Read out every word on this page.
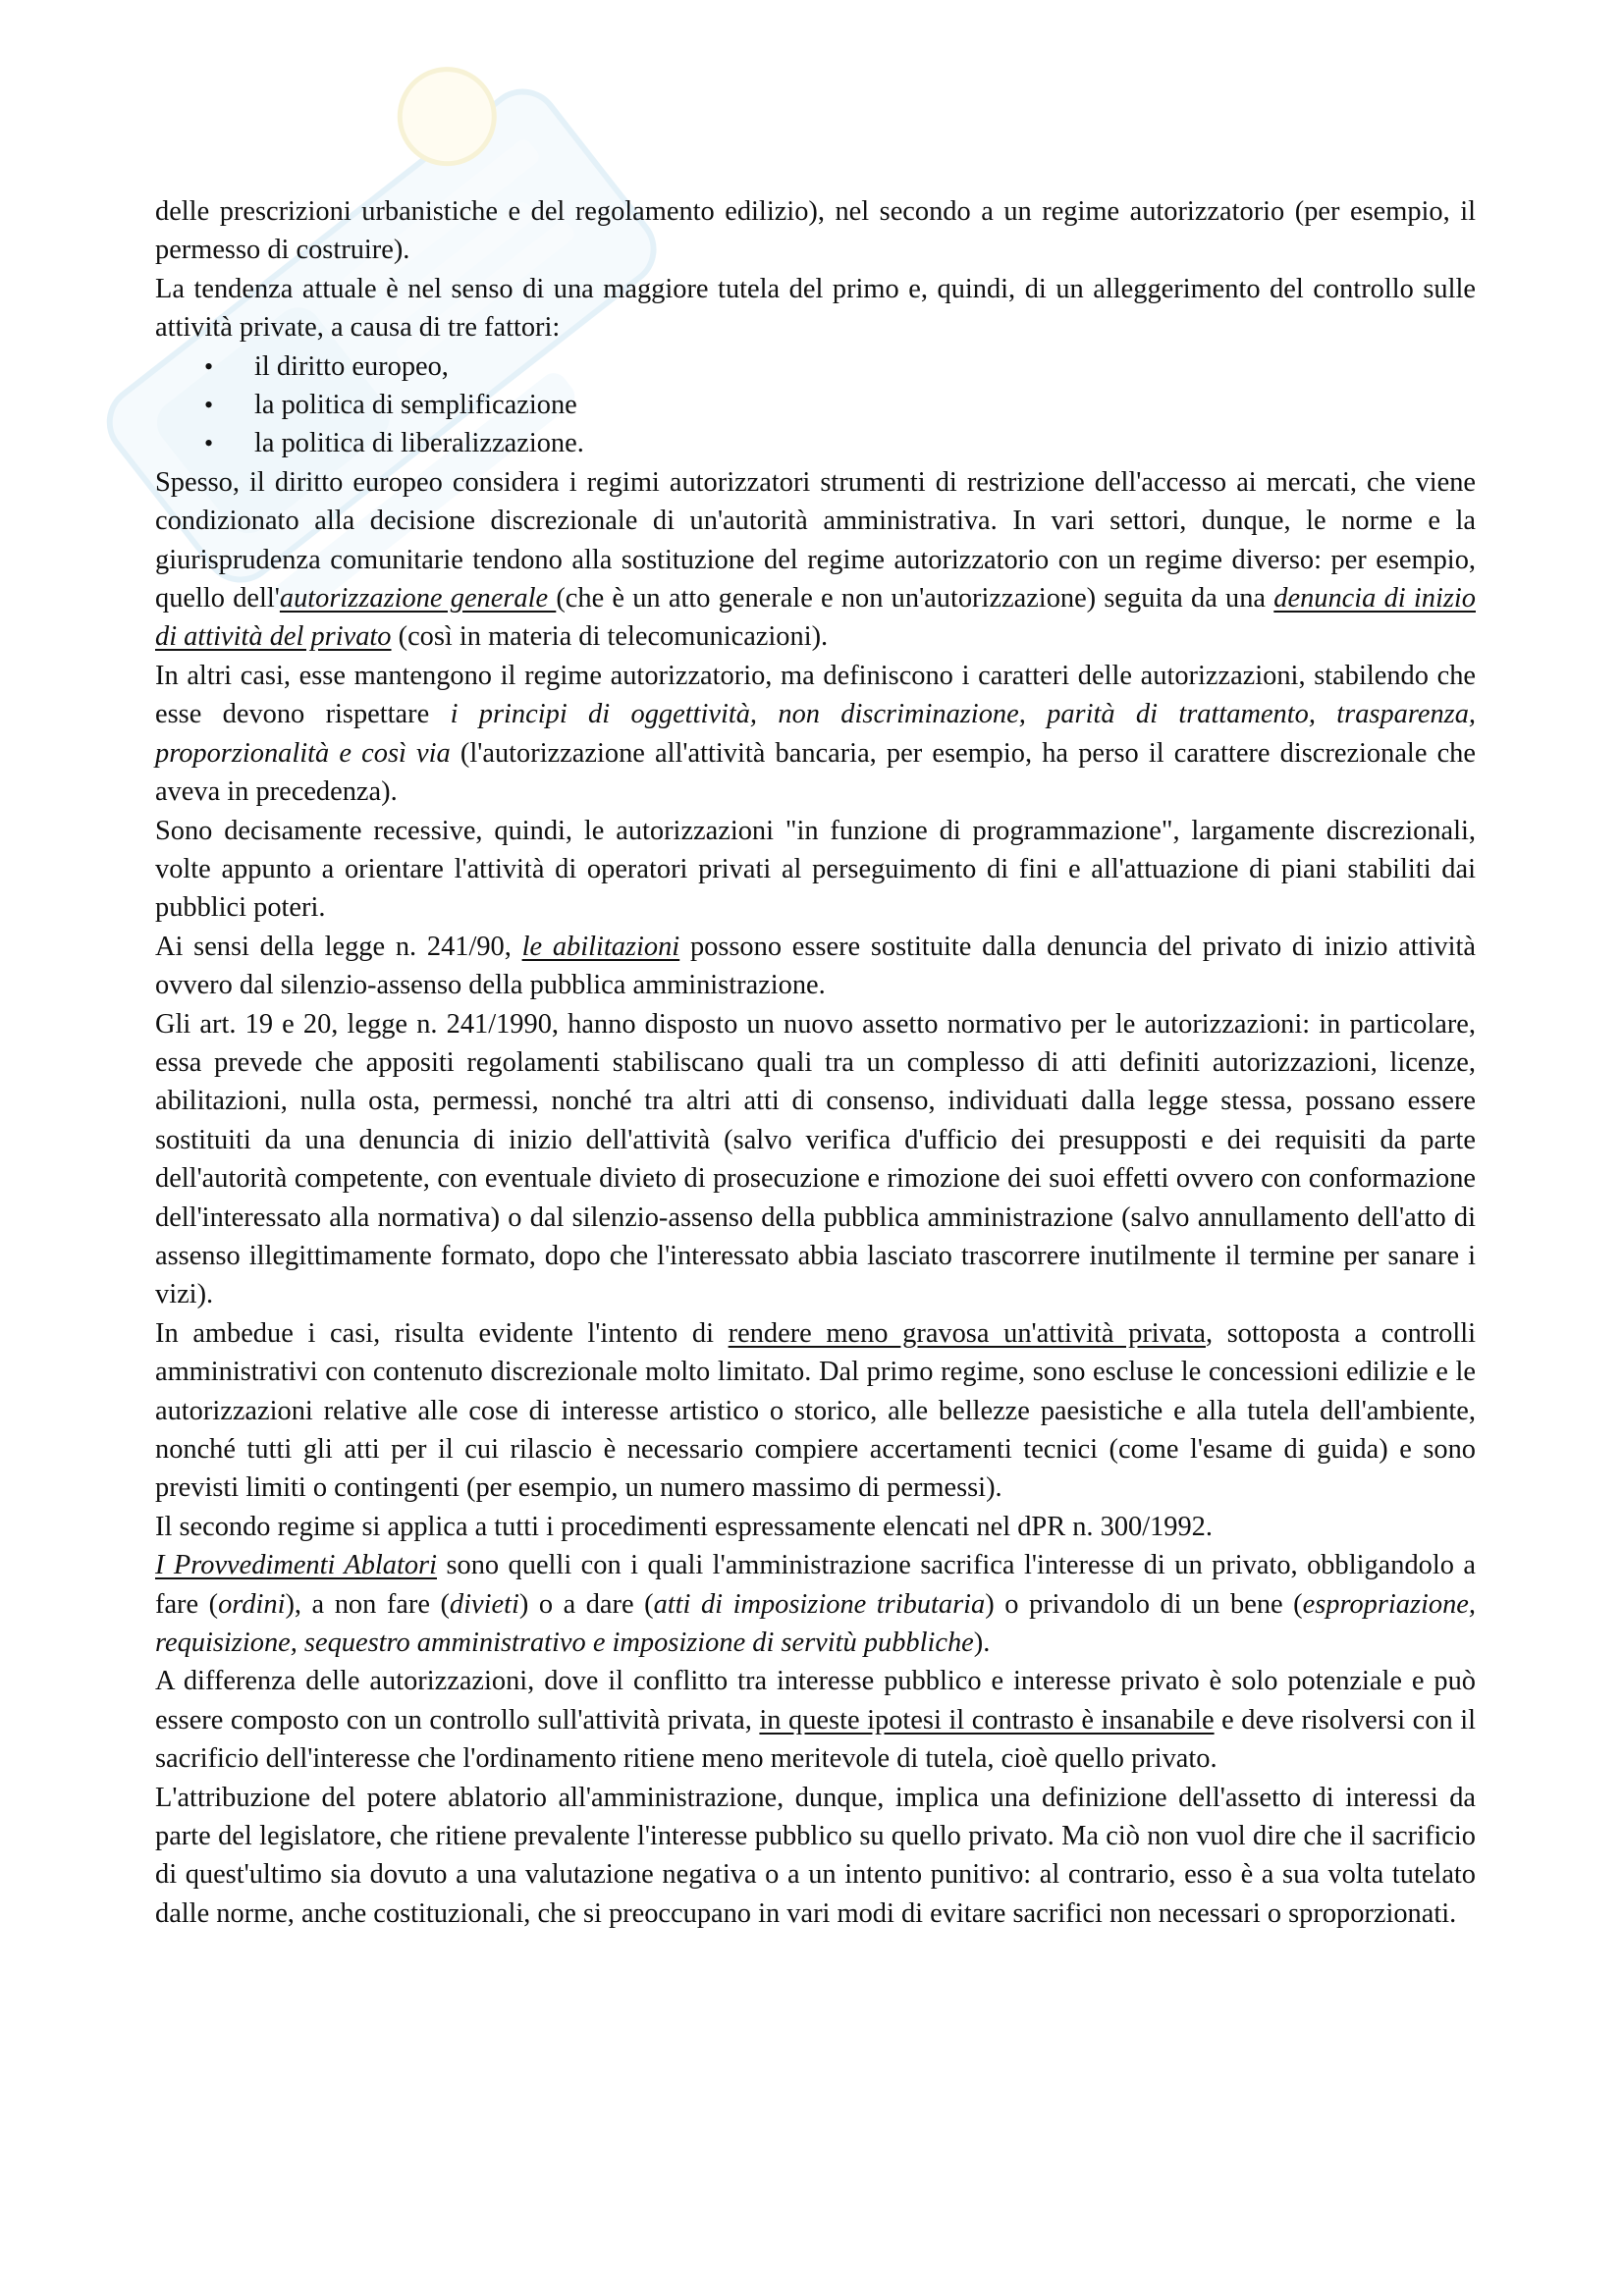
delle prescrizioni urbanistiche e del regolamento edilizio), nel secondo a un regime autorizzatorio (per esempio, il permesso di costruire).

La tendenza attuale è nel senso di una maggiore tutela del primo e, quindi, di un alleggerimento del controllo sulle attività private, a causa di tre fattori:

• il diritto europeo,
• la politica di semplificazione
• la politica di liberalizzazione.

Spesso, il diritto europeo considera i regimi autorizzatori strumenti di restrizione dell'accesso ai mercati, che viene condizionato alla decisione discrezionale di un'autorità amministrativa. In vari settori, dunque, le norme e la giurisprudenza comunitarie tendono alla sostituzione del regime autorizzatorio con un regime diverso: per esempio, quello dell'autorizzazione generale (che è un atto generale e non un'autorizzazione) seguita da una denuncia di inizio di attività del privato (così in materia di telecomunicazioni).

In altri casi, esse mantengono il regime autorizzatorio, ma definiscono i caratteri delle autorizzazioni, stabilendo che esse devono rispettare i principi di oggettività, non discriminazione, parità di trattamento, trasparenza, proporzionalità e così via (l'autorizzazione all'attività bancaria, per esempio, ha perso il carattere discrezionale che aveva in precedenza).

Sono decisamente recessive, quindi, le autorizzazioni "in funzione di programmazione", largamente discrezionali, volte appunto a orientare l'attività di operatori privati al perseguimento di fini e all'attuazione di piani stabiliti dai pubblici poteri.

Ai sensi della legge n. 241/90, le abilitazioni possono essere sostituite dalla denuncia del privato di inizio attività ovvero dal silenzio-assenso della pubblica amministrazione.

Gli art. 19 e 20, legge n. 241/1990, hanno disposto un nuovo assetto normativo per le autorizzazioni: in particolare, essa prevede che appositi regolamenti stabiliscano quali tra un complesso di atti definiti autorizzazioni, licenze, abilitazioni, nulla osta, permessi, nonché tra altri atti di consenso, individuati dalla legge stessa, possano essere sostituiti da una denuncia di inizio dell'attività (salvo verifica d'ufficio dei presupposti e dei requisiti da parte dell'autorità competente, con eventuale divieto di prosecuzione e rimozione dei suoi effetti ovvero con conformazione dell'interessato alla normativa) o dal silenzio-assenso della pubblica amministrazione (salvo annullamento dell'atto di assenso illegittimamente formato, dopo che l'interessato abbia lasciato trascorrere inutilmente il termine per sanare i vizi).

In ambedue i casi, risulta evidente l'intento di rendere meno gravosa un'attività privata, sottoposta a controlli amministrativi con contenuto discrezionale molto limitato. Dal primo regime, sono escluse le concessioni edilizie e le autorizzazioni relative alle cose di interesse artistico o storico, alle bellezze paesistiche e alla tutela dell'ambiente, nonché tutti gli atti per il cui rilascio è necessario compiere accertamenti tecnici (come l'esame di guida) e sono previsti limiti o contingenti (per esempio, un numero massimo di permessi).

Il secondo regime si applica a tutti i procedimenti espressamente elencati nel dPR n. 300/1992.

I Provvedimenti Ablatori sono quelli con i quali l'amministrazione sacrifica l'interesse di un privato, obbligandolo a fare (ordini), a non fare (divieti) o a dare (atti di imposizione tributaria) o privandolo di un bene (espropriazione, requisizione, sequestro amministrativo e imposizione di servitù pubbliche).

A differenza delle autorizzazioni, dove il conflitto tra interesse pubblico e interesse privato è solo potenziale e può essere composto con un controllo sull'attività privata, in queste ipotesi il contrasto è insanabile e deve risolversi con il sacrificio dell'interesse che l'ordinamento ritiene meno meritevole di tutela, cioè quello privato.

L'attribuzione del potere ablatorio all'amministrazione, dunque, implica una definizione dell'assetto di interessi da parte del legislatore, che ritiene prevalente l'interesse pubblico su quello privato. Ma ciò non vuol dire che il sacrificio di quest'ultimo sia dovuto a una valutazione negativa o a un intento punitivo: al contrario, esso è a sua volta tutelato dalle norme, anche costituzionali, che si preoccupano in vari modi di evitare sacrifici non necessari o sproporzionati.
